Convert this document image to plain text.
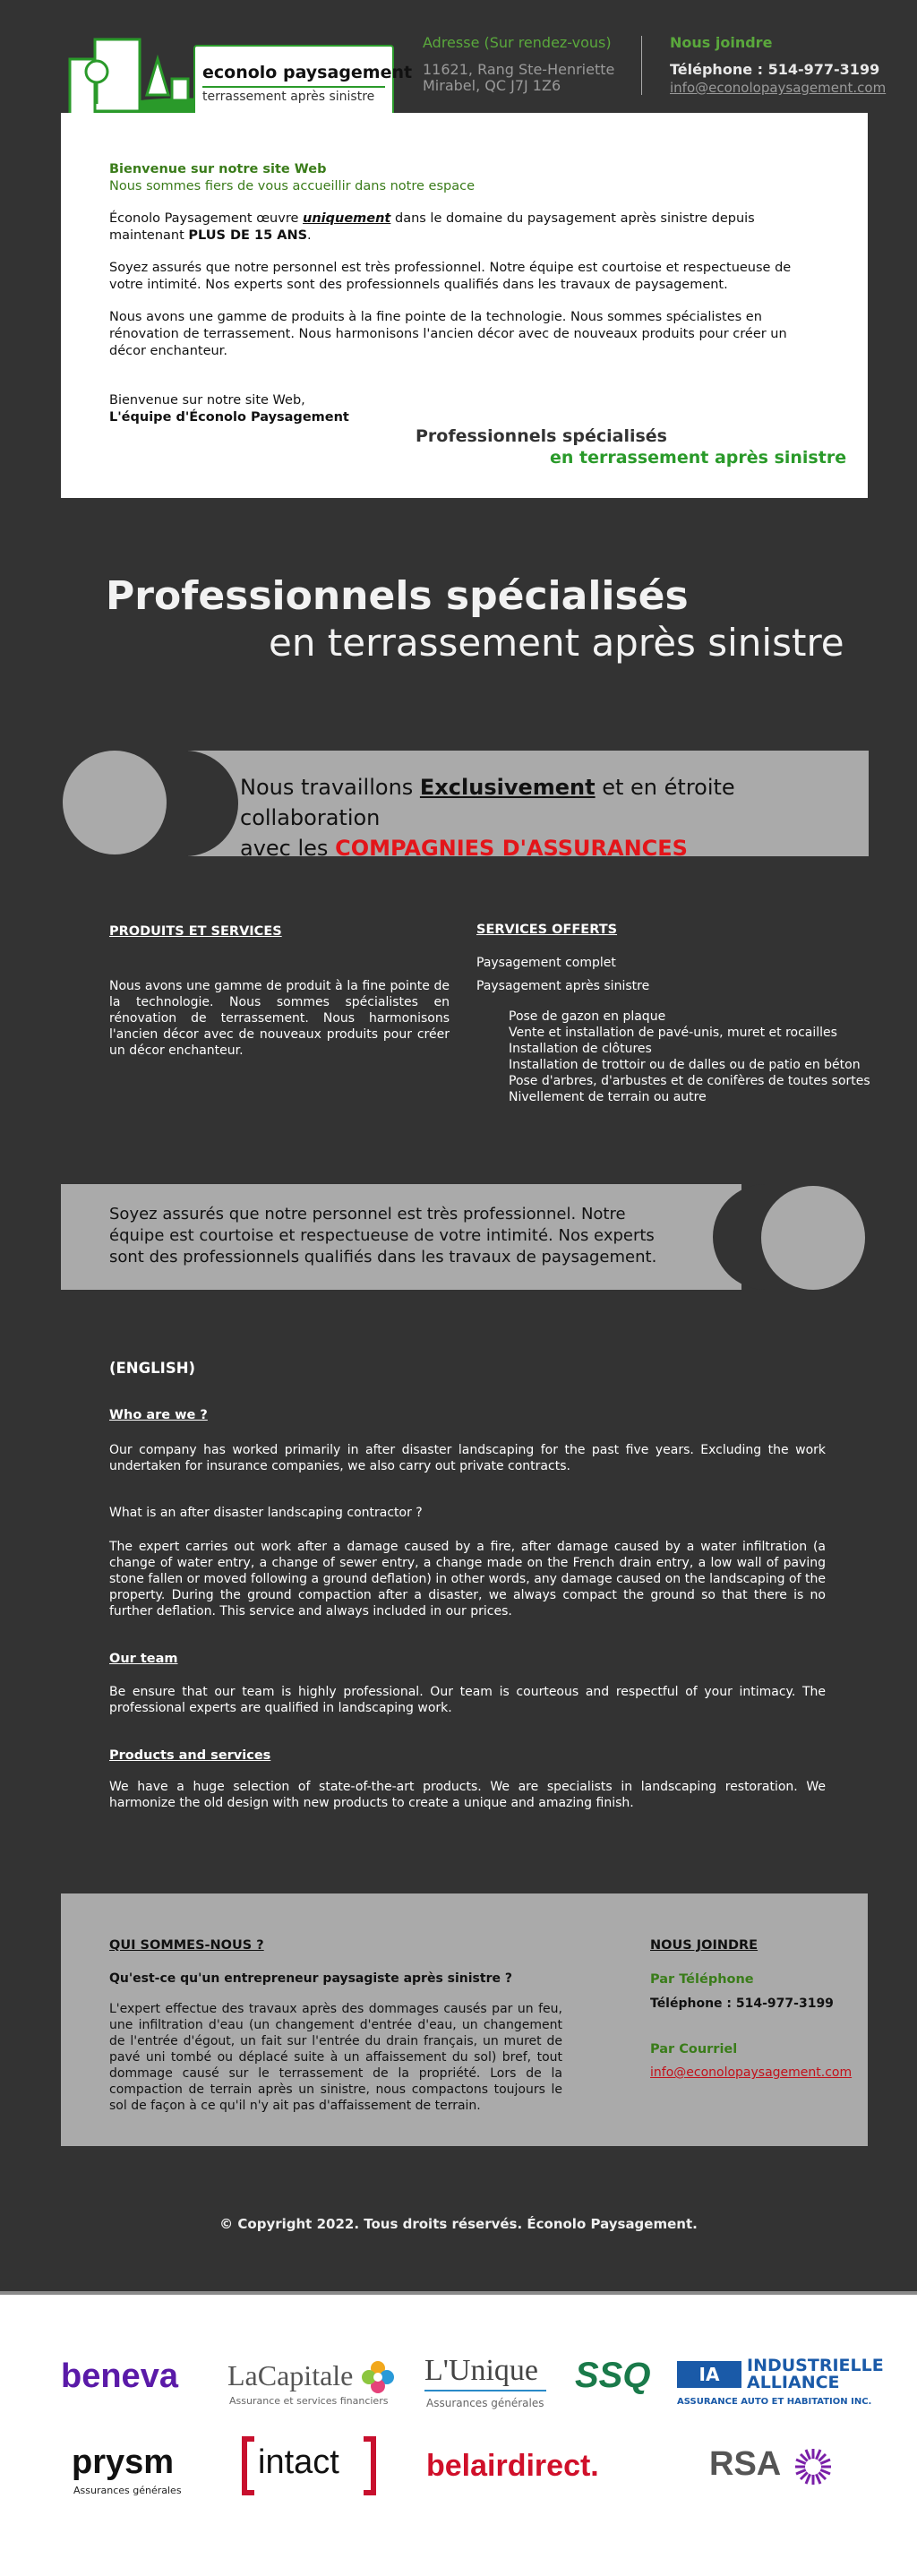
econolo paysagement
terrassement après sinistre
Adresse (Sur rendez-vous)
11621, Rang Ste-Henriette
Mirabel, QC J7J 1Z6
Nous joindre
Téléphone : 514-977-3199
info@econolopaysagement.com
Bienvenue sur notre site Web
Nous sommes fiers de vous accueillir dans notre espace

Éconolo Paysagement œuvre uniquement dans le domaine du paysagement après sinistre depuis maintenant PLUS DE 15 ANS.

Soyez assurés que notre personnel est très professionnel. Notre équipe est courtoise et respectueuse de votre intimité. Nos experts sont des professionnels qualifiés dans les travaux de paysagement.

Nous avons une gamme de produits à la fine pointe de la technologie. Nous sommes spécialistes en rénovation de terrassement. Nous harmonisons l'ancien décor avec de nouveaux produits pour créer un décor enchanteur.

Bienvenue sur notre site Web,
L'équipe d'Éconolo Paysagement
Professionnels spécialisés
en terrassement après sinistre
Professionnels spécialisés
en terrassement après sinistre
Nous travaillons Exclusivement et en étroite collaboration
avec les COMPAGNIES D'ASSURANCES
PRODUITS ET SERVICES
Nous avons une gamme de produit à la fine pointe de la technologie. Nous sommes spécialistes en rénovation de terrassement. Nous harmonisons l'ancien décor avec de nouveaux produits pour créer un décor enchanteur.
SERVICES OFFERTS
Paysagement complet
Paysagement après sinistre
Pose de gazon en plaque
Vente et installation de pavé-unis, muret et rocailles
Installation de clôtures
Installation de trottoir ou de dalles ou de patio en béton
Pose d'arbres, d'arbustes et de conifères de toutes sortes
Nivellement de terrain ou autre
Soyez assurés que notre personnel est très professionnel. Notre équipe est courtoise et respectueuse de votre intimité. Nos experts sont des professionnels qualifiés dans les travaux de paysagement.
(ENGLISH)
Who are we ?
Our company has worked primarily in after disaster landscaping for the past five years. Excluding the work undertaken for insurance companies, we also carry out private contracts.
What is an after disaster landscaping contractor ?
The expert carries out work after a damage caused by a fire, after damage caused by a water infiltration (a change of water entry, a change of sewer entry, a change made on the French drain entry, a low wall of paving stone fallen or moved following a ground deflation) in other words, any damage caused on the landscaping of the property. During the ground compaction after a disaster, we always compact the ground so that there is no further deflation. This service and always included in our prices.
Our team
Be ensure that our team is highly professional. Our team is courteous and respectful of your intimacy. The professional experts are qualified in landscaping work.
Products and services
We have a huge selection of state-of-the-art products. We are specialists in landscaping restoration. We harmonize the old design with new products to create a unique and amazing finish.
QUI SOMMES-NOUS ?
Qu'est-ce qu'un entrepreneur paysagiste après sinistre ?
L'expert effectue des travaux après des dommages causés par un feu, une infiltration d'eau (un changement d'entrée d'eau, un changement de l'entrée d'égout, un fait sur l'entrée du drain français, un muret de pavé uni tombé ou déplacé suite à un affaissement du sol) bref, tout dommage causé sur le terrassement de la propriété. Lors de la compaction de terrain après un sinistre, nous compactons toujours le sol de façon à ce qu'il n'y ait pas d'affaissement de terrain.
NOUS JOINDRE
Par Téléphone
Téléphone : 514-977-3199
Par Courriel
info@econolopaysagement.com
© Copyright 2022. Tous droits réservés. Éconolo Paysagement.
beneva LaCapitale
Assurance et services financiers
L'Unique
Assurances générales
SSQ	IA	INDUSTRIELLE
ALLIANCE
ASSURANCE AUTO ET HABITATION INC.
prysm
Assurances générales
intact	belairdirect.	RSA
